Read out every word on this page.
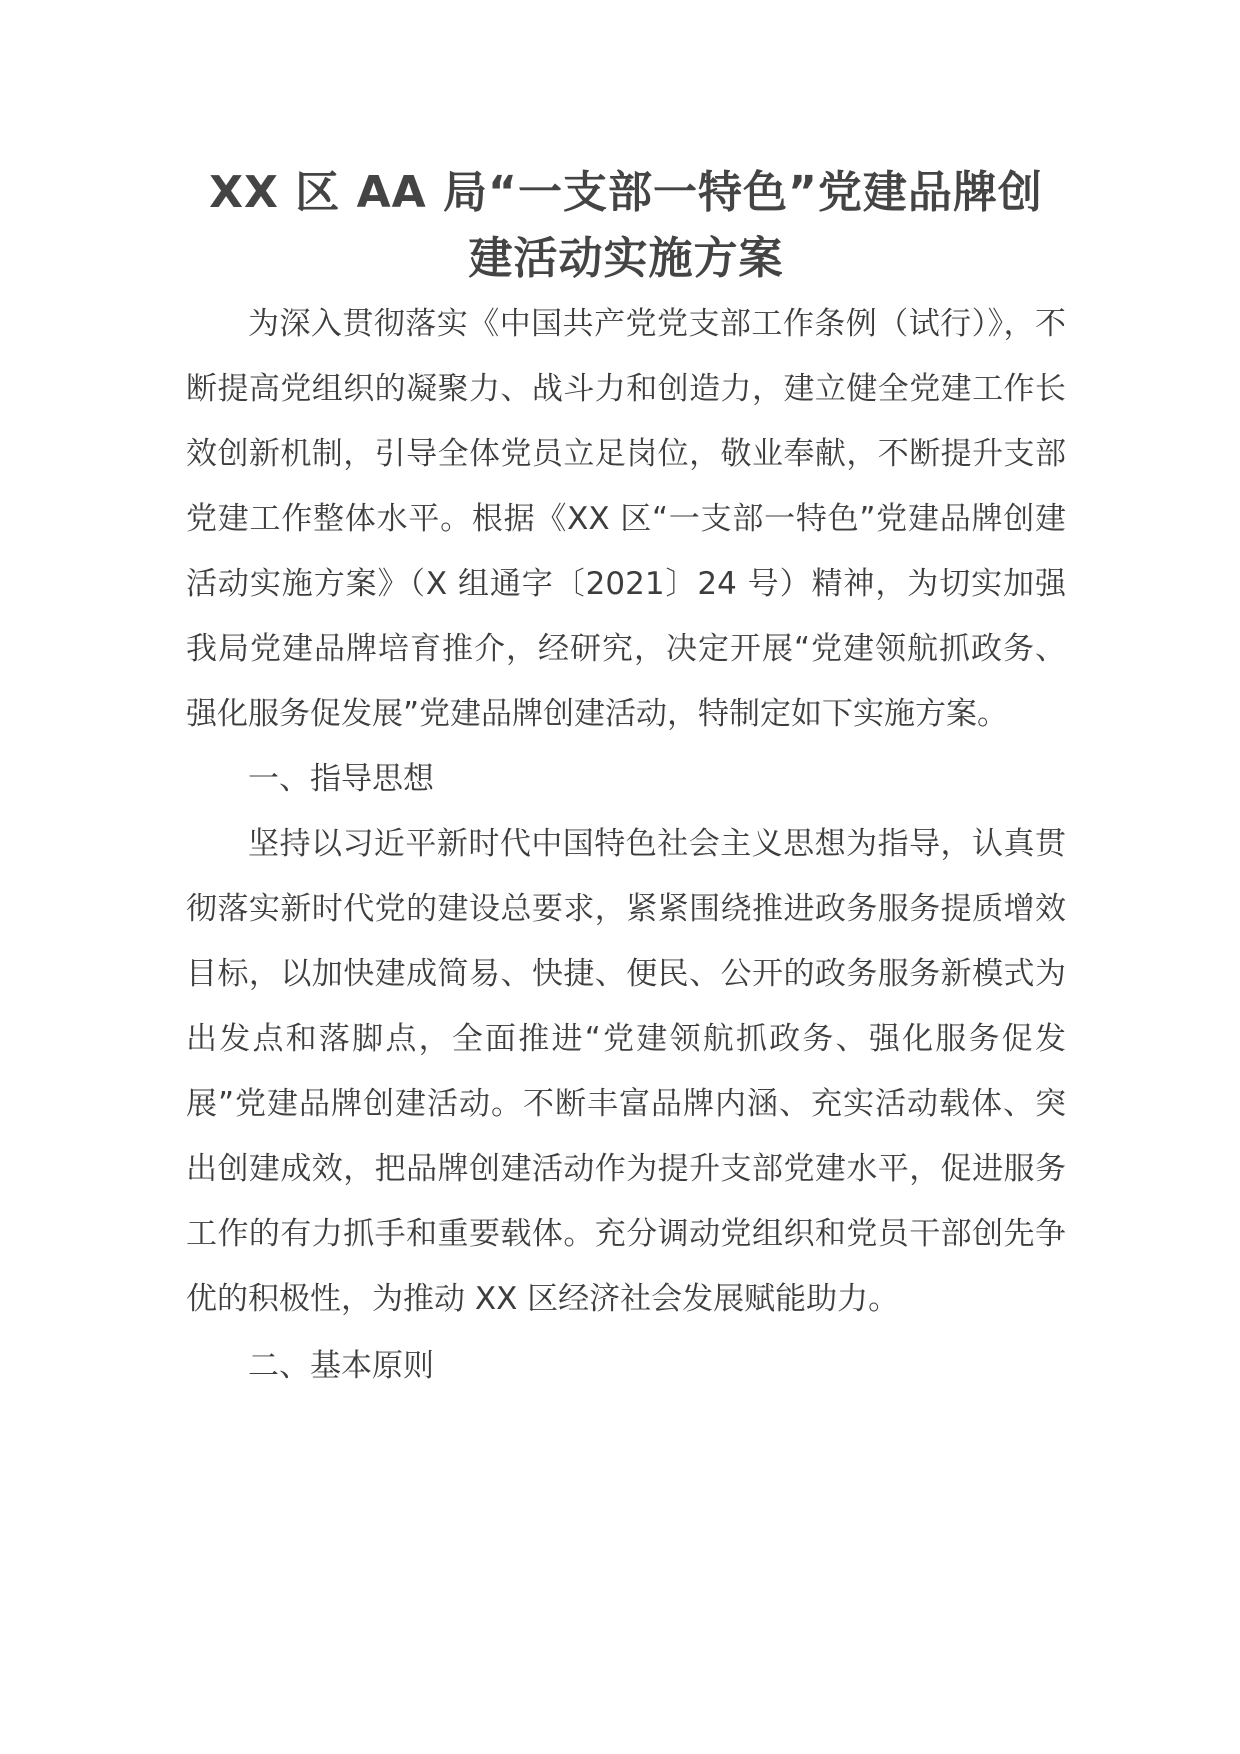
XX 区 AA 局“一支部一特色”党建品牌创
建活动实施方案

为深入贯彻落实《中国共产党党支部工作条例（试行）》，不断提高党组织的凝聚力、战斗力和创造力，建立健全党建工作长效创新机制，引导全体党员立足岗位，敬业奉献，不断提升支部党建工作整体水平。根据《XX 区“一支部一特色”党建品牌创建活动实施方案》（X 组通字〔2021〕24 号）精神，为切实加强我局党建品牌培育推介，经研究，决定开展“党建领航抓政务、强化服务促发展”党建品牌创建活动，特制定如下实施方案。

一、指导思想

坚持以习近平新时代中国特色社会主义思想为指导，认真贯彻落实新时代党的建设总要求，紧紧围绕推进政务服务提质增效目标，以加快建成简易、快捷、便民、公开的政务服务新模式为出发点和落脚点，全面推进“党建领航抓政务、强化服务促发展”党建品牌创建活动。不断丰富品牌内涵、充实活动载体、突出创建成效，把品牌创建活动作为提升支部党建水平，促进服务工作的有力抓手和重要载体。充分调动党组织和党员干部创先争优的积极性，为推动 XX 区经济社会发展赋能助力。

二、基本原则
